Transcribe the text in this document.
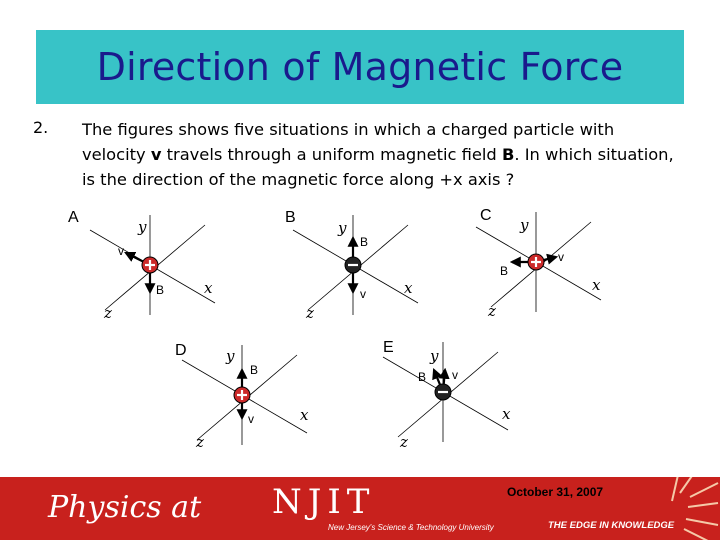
Direction of Magnetic Force
2. The figures shows five situations in which a charged particle with velocity v travels through a uniform magnetic field B. In which situation, is the direction of the magnetic force along +x axis ?

A
y
x
z
B
v
B
y
x
z
B
v
C
y
x
z
B
v
D	y
x
z
B
v
E y
x
z
B v
Physics at NJIT
New Jersey's Science & Technology University	THE EDGE IN KNOWLEDGE
October 31, 2007
